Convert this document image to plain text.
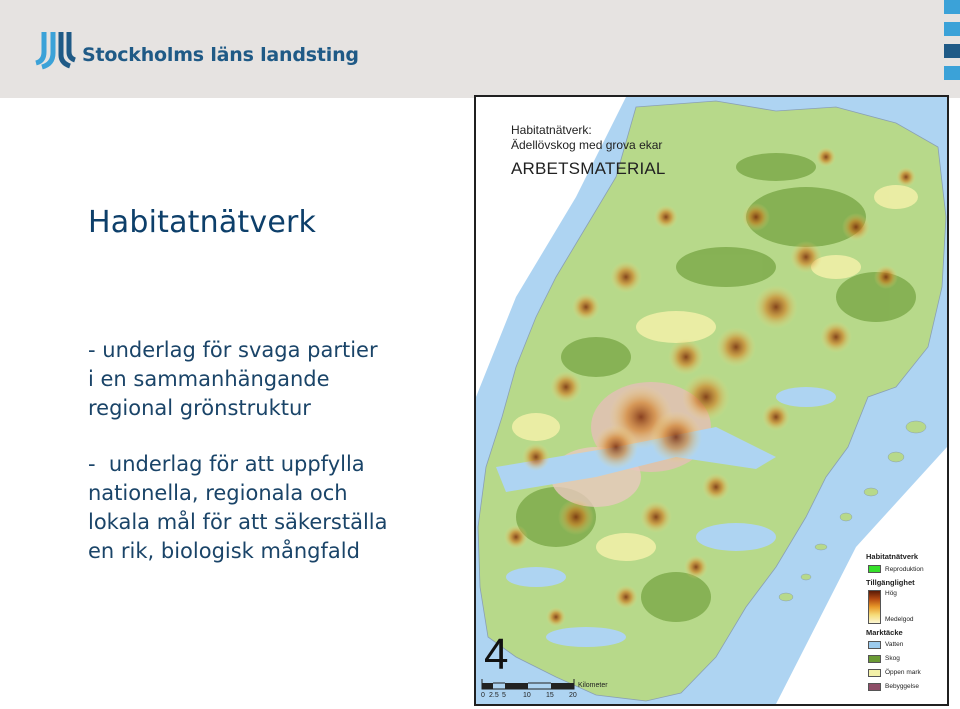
Stockholms läns landsting
Habitatnätverk
- underlag för svaga partier
i en sammanhängande
regional grönstruktur
-  underlag för att uppfylla
nationella, regionala och
lokala mål för att säkerställa
en rik, biologisk mångfald
Habitatnätverk:
Ädellövskog med grova ekar
ARBETSMATERIAL
4
Habitatnätverk
Reproduktion
Tillgänglighet
Hög
Medelgod
Marktäcke
Vatten
Skog
Öppen mark
Bebyggelse
0 2.5 5 10 15 20
Kilometer
